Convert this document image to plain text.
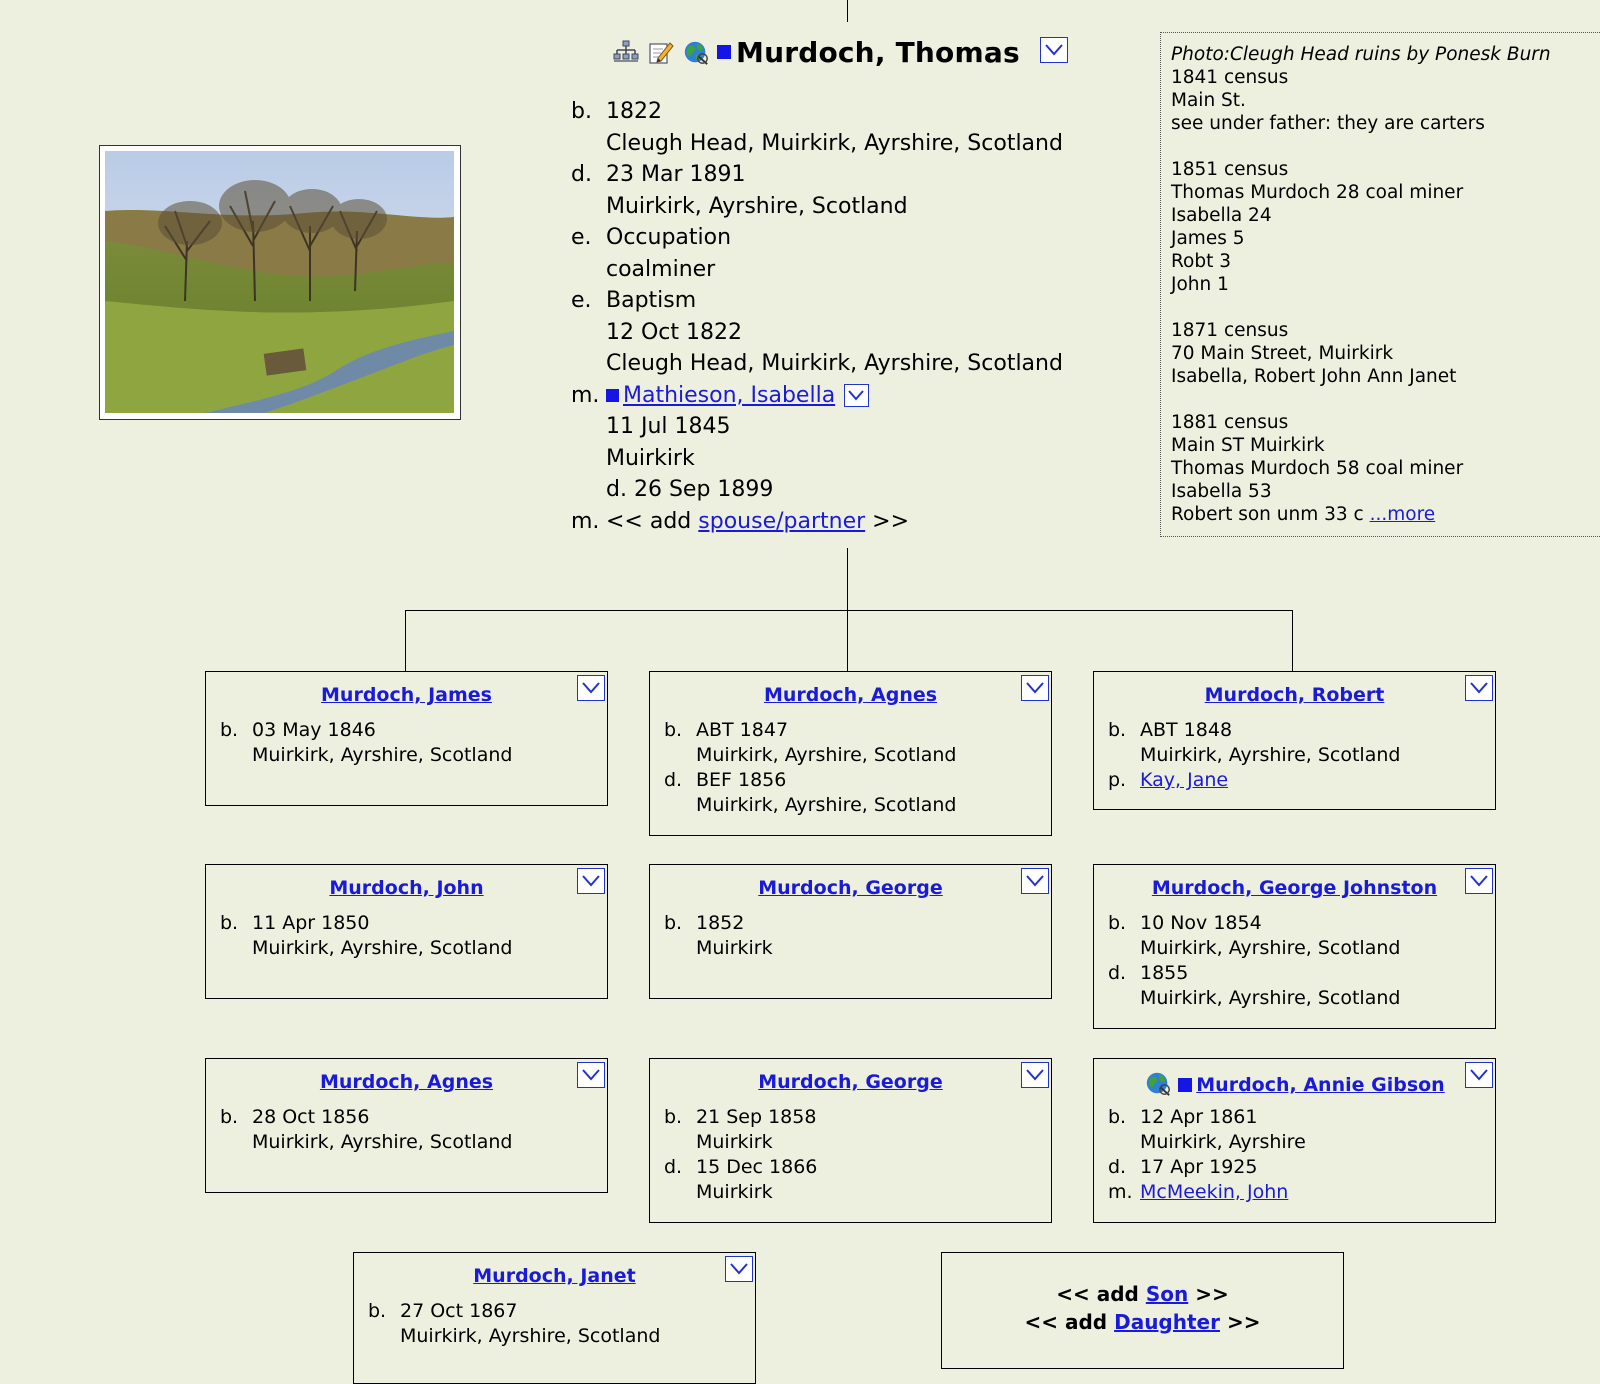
Murdoch, Thomas
b. 1822
Cleugh Head, Muirkirk, Ayrshire, Scotland
d. 23 Mar 1891
Muirkirk, Ayrshire, Scotland
e. Occupation
coalminer
e. Baptism
12 Oct 1822
Cleugh Head, Muirkirk, Ayrshire, Scotland
m. Mathieson, Isabella
11 Jul 1845
Muirkirk
d. 26 Sep 1899
m. << add
spouse/partner
>>
Photo:Cleugh Head ruins by Ponesk Burn
1841 census
Main St.
see under father: they are carters
1851 census
Thomas Murdoch 28 coal miner
Isabella 24
James 5
Robt 3
John 1
1871 census
70 Main Street, Muirkirk
Isabella, Robert John Ann Janet
1881 census
Main ST Muirkirk
Thomas Murdoch 58 coal miner
Isabella 53
Robert son unm 33 c ...more
Murdoch, James
b. 03 May 1846
Muirkirk, Ayrshire, Scotland
Murdoch, Agnes
b. ABT 1847
Muirkirk, Ayrshire, Scotland
d. BEF 1856
Muirkirk, Ayrshire, Scotland
Murdoch, Robert
b. ABT 1848
Muirkirk, Ayrshire, Scotland
p. Kay, Jane
Murdoch, John
b. 11 Apr 1850
Muirkirk, Ayrshire, Scotland
Murdoch, George
b. 1852
Muirkirk
Murdoch, George Johnston
b. 10 Nov 1854
Muirkirk, Ayrshire, Scotland
d. 1855
Muirkirk, Ayrshire, Scotland
Murdoch, Agnes
b. 28 Oct 1856
Muirkirk, Ayrshire, Scotland
Murdoch, George
b. 21 Sep 1858
Muirkirk
d. 15 Dec 1866
Muirkirk
Murdoch, Annie Gibson
b. 12 Apr 1861
Muirkirk, Ayrshire
d. 17 Apr 1925
m. McMeekin, John
Murdoch, Janet
b. 27 Oct 1867
Muirkirk, Ayrshire, Scotland
<< add Son >>
<< add Daughter >>
